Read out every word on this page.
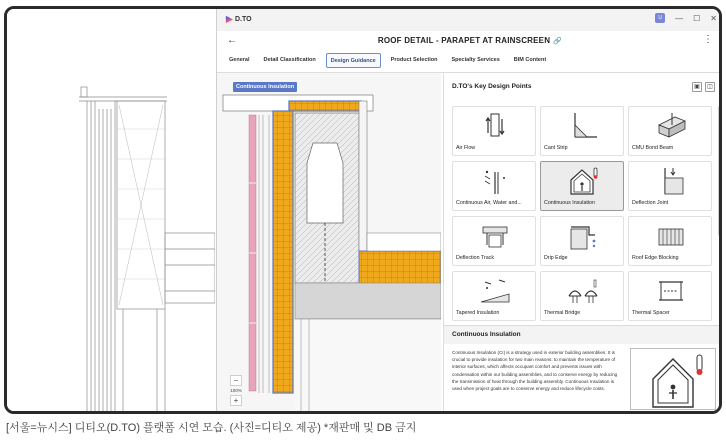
D.TO	U	— ☐ ✕
←	ROOF DETAIL - PARAPET AT RAINSCREEN 🔗	⋮
General	Detail Classification	Design Guidance	Product Selection	Specialty Services	BIM Content
Continuous Insulation
−
100%
+
D.TO's Key Design Points	▣	◫
Air Flow	Cant Strip	CMU Bond Beam
Continuous Air, Water and...	Continuous Insulation	Deflection Joint
Deflection Track	Drip Edge	Roof Edge Blocking
Tapered Insulation	Thermal Bridge	Thermal Spacer
Continuous Insulation
Continuous Insulation (CI) is a strategy used in exterior building assemblies. It is crucial to provide insulation for two main reasons: to maintain the temperature of interior surfaces, which affects occupant comfort and prevents issues with condensation within our building assemblies, and to conserve energy by reducing the transmission of heat through the building assembly. Continuous Insulation is used when project goals are to conserve energy and reduce lifecycle costs.
[서울=뉴시스] 디티오(D.TO) 플랫폼 시연 모습. (사진=디티오 제공) *재판매 및 DB 금지
